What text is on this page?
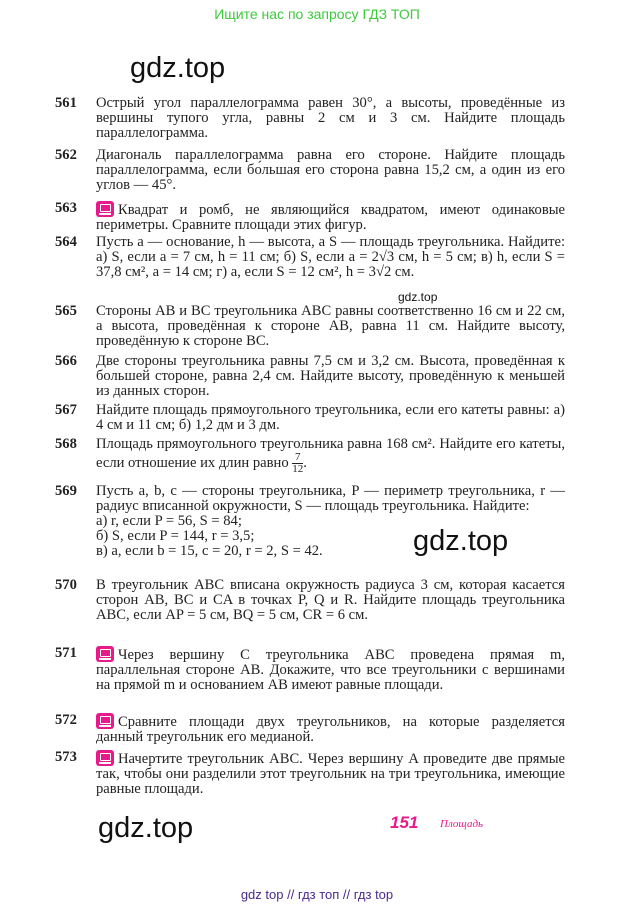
Ищите нас по запросу ГДЗ ТОП
gdz.top
gdz.top
gdz.top
gdz.top
561 Острый угол параллелограмма равен 30°, а высоты, проведённые из вершины тупого угла, равны 2 см и 3 см. Найдите площадь параллелограмма.
562 Диагональ параллелограмма равна его стороне. Найдите площадь параллелограмма, если бо́льшая его сторона равна 15,2 см, а один из его углов — 45°.
563	Квадрат и ромб, не являющийся квадратом, имеют одинаковые периметры. Сравните площади этих фигур.
564 Пусть a — основание, h — высота, а S — площадь треугольника. Найдите: а) S, если a = 7 см, h = 11 см; б) S, если a = 2√3 см, h = 5 см; в) h, если S = 37,8 см², a = 14 см; г) a, если S = 12 см², h = 3√2 см.
565 Стороны AB и BC треугольника ABC равны соответственно 16 см и 22 см, а высота, проведённая к стороне AB, равна 11 см. Найдите высоту, проведённую к стороне BC.
566 Две стороны треугольника равны 7,5 см и 3,2 см. Высота, проведённая к большей стороне, равна 2,4 см. Найдите высоту, проведённую к меньшей из данных сторон.
567 Найдите площадь прямоугольного треугольника, если его катеты равны: а) 4 см и 11 см; б) 1,2 дм и 3 дм.
568 Площадь прямоугольного треугольника равна 168 см². Найдите его катеты, если отношение их длин равно $\frac{7}{12}$ .
569 Пусть a, b, c — стороны треугольника, P — периметр треугольника, r — радиус вписанной окружности, S — площадь треугольника. Найдите:
а) r, если P = 56, S = 84;
б) S, если P = 144, r = 3,5;
в) a, если b = 15, c = 20, r = 2, S = 42.
570 В треугольник ABC вписана окружность радиуса 3 см, которая касается сторон AB, BC и CA в точках P, Q и R. Найдите площадь треугольника ABC, если AP = 5 см, BQ = 5 см, CR = 6 см.
571	Через вершину C треугольника ABC проведена прямая m, параллельная стороне AB. Докажите, что все треугольники с вершинами на прямой m и основанием AB имеют равные площади.
572	Сравните площади двух треугольников, на которые разделяется данный треугольник его медианой.
573	Начертите треугольник ABC. Через вершину A проведите две прямые так, чтобы они разделили этот треугольник на три треугольника, имеющие равные площади.
151 Площадь
gdz top // гдз топ // гдз top
